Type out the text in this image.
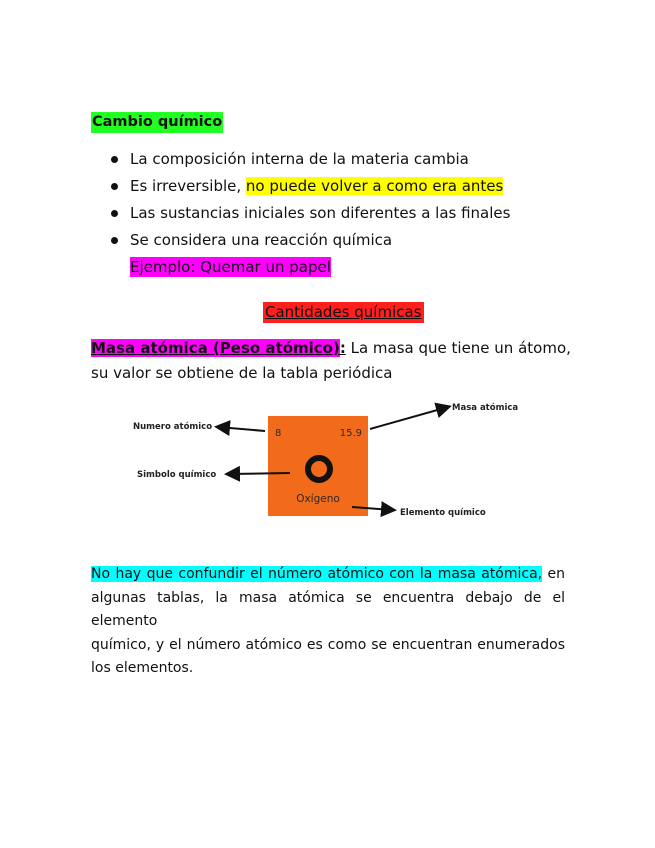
Cambio químico
La composición interna de la materia cambia
Es irreversible, no puede volver a como era antes
Las sustancias iniciales son diferentes a las finales
Se considera una reacción química
Ejemplo: Quemar un papel
Cantidades químicas
Masa atómica (Peso atómico): La masa que tiene un átomo, su valor se obtiene de la tabla periódica
8	15.9
Oxígeno
Numero atómico
Masa atómica
Simbolo químico
Elemento químico
No hay que confundir el número atómico con la masa atómica, en
algunas tablas, la masa atómica se encuentra debajo de el elemento
químico, y el número atómico es como se encuentran enumerados
los elementos.
